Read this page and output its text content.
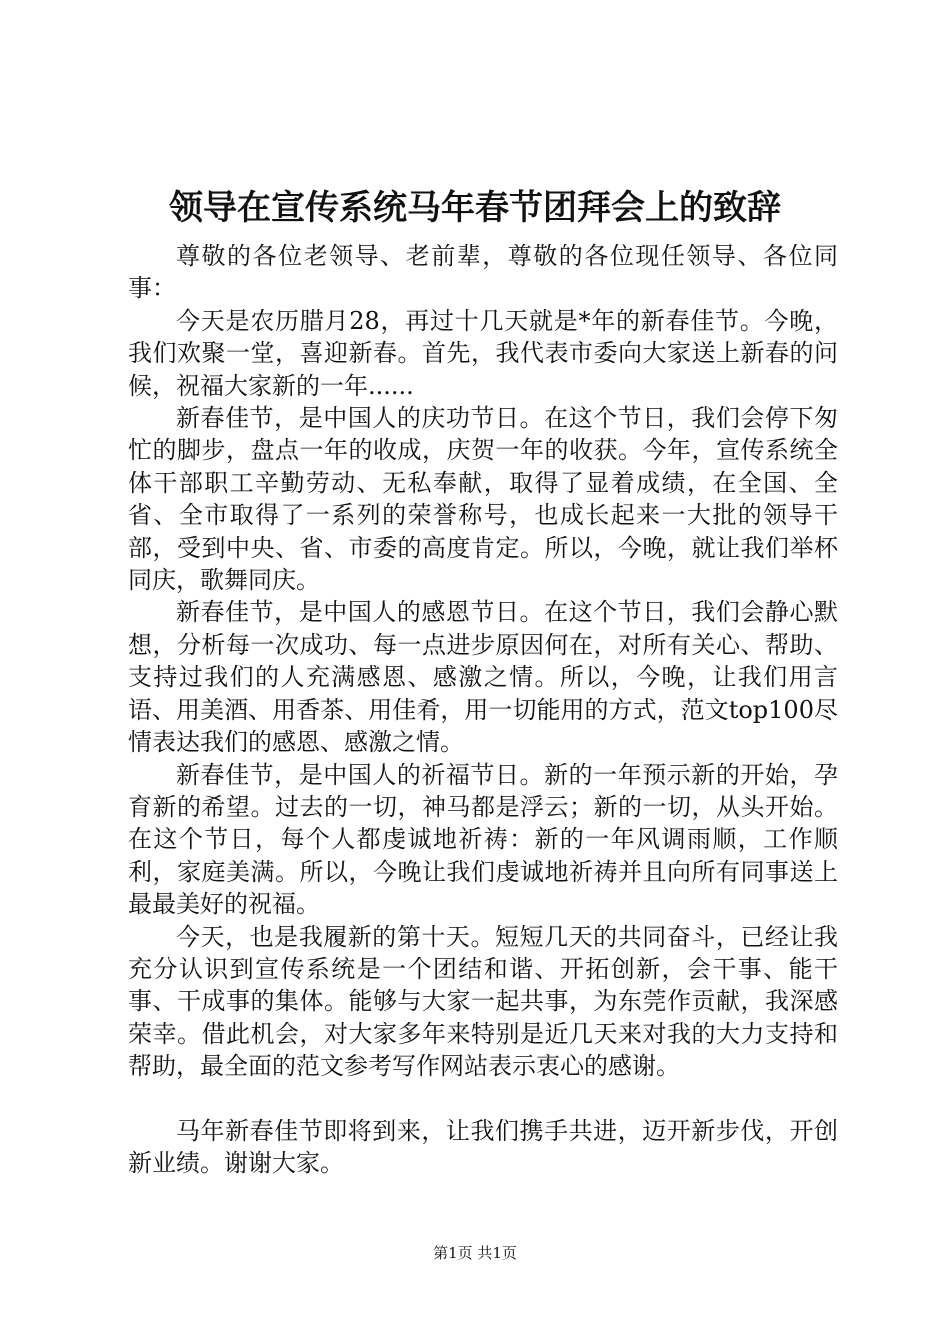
领导在宣传系统马年春节团拜会上的致辞

尊敬的各位老领导、老前辈，尊敬的各位现任领导、各位同事：

今天是农历腊月28，再过十几天就是*年的新春佳节。今晚，我们欢聚一堂，喜迎新春。首先，我代表市委向大家送上新春的问候，祝福大家新的一年......

新春佳节，是中国人的庆功节日。在这个节日，我们会停下匆忙的脚步，盘点一年的收成，庆贺一年的收获。今年，宣传系统全体干部职工辛勤劳动、无私奉献，取得了显着成绩，在全国、全省、全市取得了一系列的荣誉称号，也成长起来一大批的领导干部，受到中央、省、市委的高度肯定。所以，今晚，就让我们举杯同庆，歌舞同庆。

新春佳节，是中国人的感恩节日。在这个节日，我们会静心默想，分析每一次成功、每一点进步原因何在，对所有关心、帮助、支持过我们的人充满感恩、感激之情。所以，今晚，让我们用言语、用美酒、用香茶、用佳肴，用一切能用的方式，范文top100尽情表达我们的感恩、感激之情。

新春佳节，是中国人的祈福节日。新的一年预示新的开始，孕育新的希望。过去的一切，神马都是浮云；新的一切，从头开始。在这个节日，每个人都虔诚地祈祷：新的一年风调雨顺，工作顺利，家庭美满。所以，今晚让我们虔诚地祈祷并且向所有同事送上最最美好的祝福。

今天，也是我履新的第十天。短短几天的共同奋斗，已经让我充分认识到宣传系统是一个团结和谐、开拓创新，会干事、能干事、干成事的集体。能够与大家一起共事，为东莞作贡献，我深感荣幸。借此机会，对大家多年来特别是近几天来对我的大力支持和帮助，最全面的范文参考写作网站表示衷心的感谢。

马年新春佳节即将到来，让我们携手共进，迈开新步伐，开创新业绩。谢谢大家。

第1页 共1页
